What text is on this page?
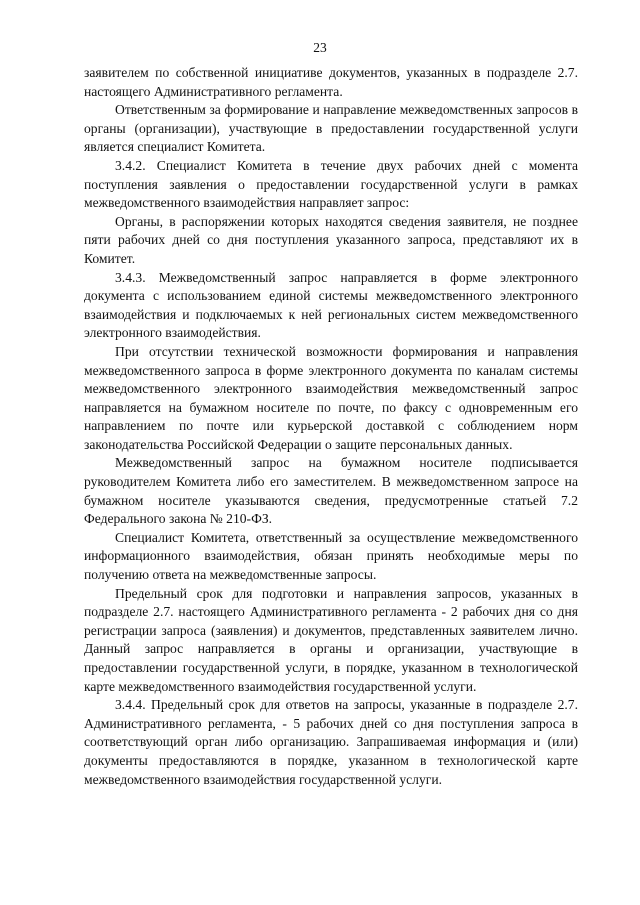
23

заявителем по собственной инициативе документов, указанных в подразделе 2.7. настоящего Административного регламента.

Ответственным за формирование и направление межведомственных запросов в органы (организации), участвующие в предоставлении государственной услуги является специалист Комитета.

3.4.2. Специалист Комитета в течение двух рабочих дней с момента поступления заявления о предоставлении государственной услуги в рамках межведомственного взаимодействия направляет запрос:

Органы, в распоряжении которых находятся сведения заявителя, не позднее пяти рабочих дней со дня поступления указанного запроса, представляют их в Комитет.

3.4.3. Межведомственный запрос направляется в форме электронного документа с использованием единой системы межведомственного электронного взаимодействия и подключаемых к ней региональных систем межведомственного электронного взаимодействия.

При отсутствии технической возможности формирования и направления межведомственного запроса в форме электронного документа по каналам системы межведомственного электронного взаимодействия межведомственный запрос направляется на бумажном носителе по почте, по факсу с одновременным его направлением по почте или курьерской доставкой с соблюдением норм законодательства Российской Федерации о защите персональных данных.

Межведомственный запрос на бумажном носителе подписывается руководителем Комитета либо его заместителем. В межведомственном запросе на бумажном носителе указываются сведения, предусмотренные статьей 7.2 Федерального закона № 210-ФЗ.

Специалист Комитета, ответственный за осуществление межведомственного информационного взаимодействия, обязан принять необходимые меры по получению ответа на межведомственные запросы.

Предельный срок для подготовки и направления запросов, указанных в подразделе 2.7. настоящего Административного регламента - 2 рабочих дня со дня регистрации запроса (заявления) и документов, представленных заявителем лично. Данный запрос направляется в органы и организации, участвующие в предоставлении государственной услуги, в порядке, указанном в технологической карте межведомственного взаимодействия государственной услуги.

3.4.4. Предельный срок для ответов на запросы, указанные в подразделе 2.7. Административного регламента, - 5 рабочих дней со дня поступления запроса в соответствующий орган либо организацию. Запрашиваемая информация и (или) документы предоставляются в порядке, указанном в технологической карте межведомственного взаимодействия государственной услуги.
